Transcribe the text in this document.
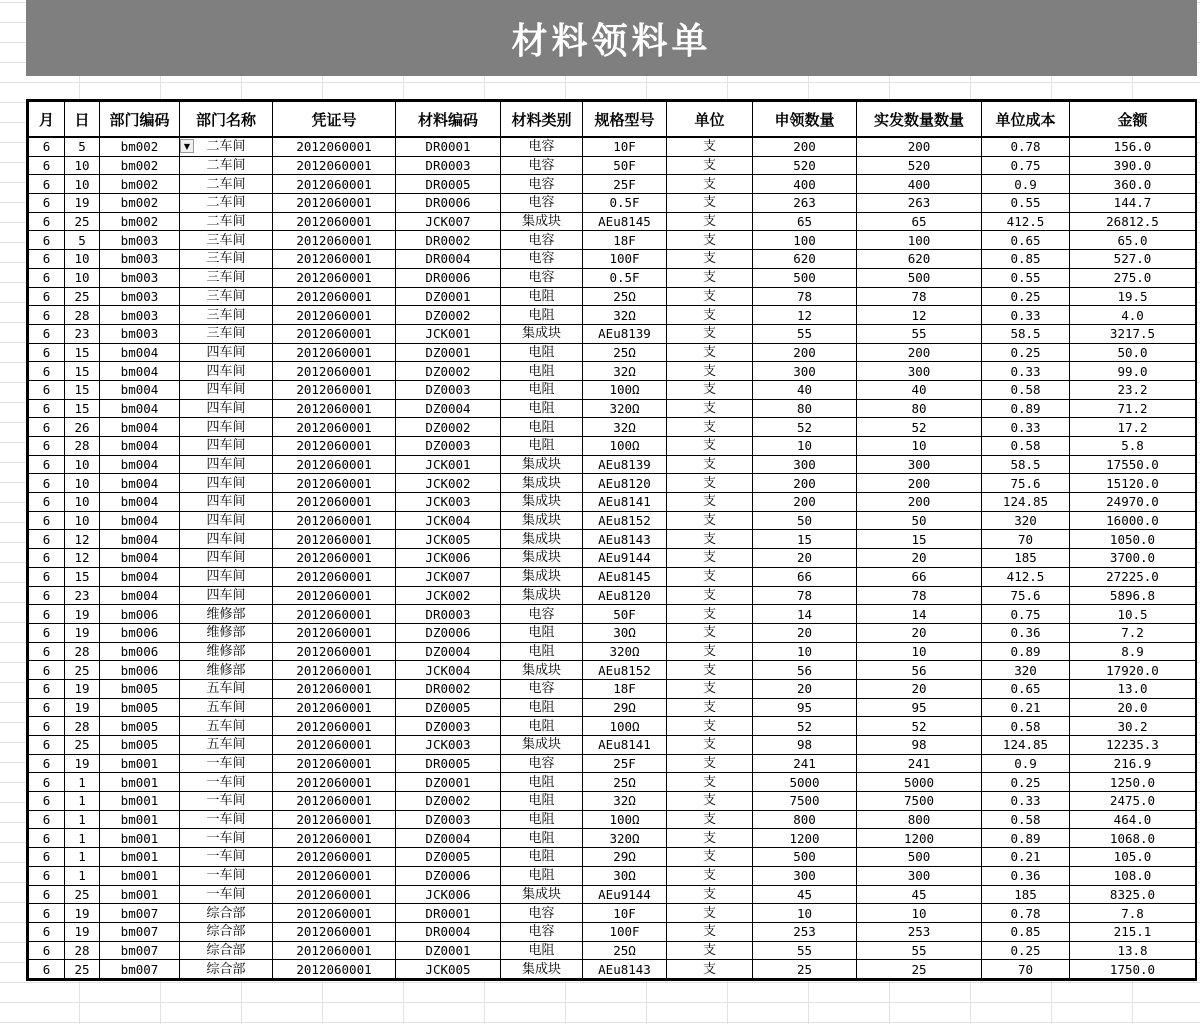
材料领料单
月	日	部门编码	部门名称	凭证号	材料编码	材料类别	规格型号	单位	申领数量	实发数量数量	单位成本	金额
6	5	bm002	▼ 二车间	2012060001	DR0001	电容	10F	支	200	200	0.78	156.0
6	10	bm002	二车间	2012060001	DR0003	电容	50F	支	520	520	0.75	390.0
6	10	bm002	二车间	2012060001	DR0005	电容	25F	支	400	400	0.9	360.0
6	19	bm002	二车间	2012060001	DR0006	电容	0.5F	支	263	263	0.55	144.7
6	25	bm002	二车间	2012060001	JCK007	集成块	AEu8145	支	65	65	412.5	26812.5
6	5	bm003	三车间	2012060001	DR0002	电容	18F	支	100	100	0.65	65.0
6	10	bm003	三车间	2012060001	DR0004	电容	100F	支	620	620	0.85	527.0
6	10	bm003	三车间	2012060001	DR0006	电容	0.5F	支	500	500	0.55	275.0
6	25	bm003	三车间	2012060001	DZ0001	电阻	25Ω	支	78	78	0.25	19.5
6	28	bm003	三车间	2012060001	DZ0002	电阻	32Ω	支	12	12	0.33	4.0
6	23	bm003	三车间	2012060001	JCK001	集成块	AEu8139	支	55	55	58.5	3217.5
6	15	bm004	四车间	2012060001	DZ0001	电阻	25Ω	支	200	200	0.25	50.0
6	15	bm004	四车间	2012060001	DZ0002	电阻	32Ω	支	300	300	0.33	99.0
6	15	bm004	四车间	2012060001	DZ0003	电阻	100Ω	支	40	40	0.58	23.2
6	15	bm004	四车间	2012060001	DZ0004	电阻	320Ω	支	80	80	0.89	71.2
6	26	bm004	四车间	2012060001	DZ0002	电阻	32Ω	支	52	52	0.33	17.2
6	28	bm004	四车间	2012060001	DZ0003	电阻	100Ω	支	10	10	0.58	5.8
6	10	bm004	四车间	2012060001	JCK001	集成块	AEu8139	支	300	300	58.5	17550.0
6	10	bm004	四车间	2012060001	JCK002	集成块	AEu8120	支	200	200	75.6	15120.0
6	10	bm004	四车间	2012060001	JCK003	集成块	AEu8141	支	200	200	124.85	24970.0
6	10	bm004	四车间	2012060001	JCK004	集成块	AEu8152	支	50	50	320	16000.0
6	12	bm004	四车间	2012060001	JCK005	集成块	AEu8143	支	15	15	70	1050.0
6	12	bm004	四车间	2012060001	JCK006	集成块	AEu9144	支	20	20	185	3700.0
6	15	bm004	四车间	2012060001	JCK007	集成块	AEu8145	支	66	66	412.5	27225.0
6	23	bm004	四车间	2012060001	JCK002	集成块	AEu8120	支	78	78	75.6	5896.8
6	19	bm006	维修部	2012060001	DR0003	电容	50F	支	14	14	0.75	10.5
6	19	bm006	维修部	2012060001	DZ0006	电阻	30Ω	支	20	20	0.36	7.2
6	28	bm006	维修部	2012060001	DZ0004	电阻	320Ω	支	10	10	0.89	8.9
6	25	bm006	维修部	2012060001	JCK004	集成块	AEu8152	支	56	56	320	17920.0
6	19	bm005	五车间	2012060001	DR0002	电容	18F	支	20	20	0.65	13.0
6	19	bm005	五车间	2012060001	DZ0005	电阻	29Ω	支	95	95	0.21	20.0
6	28	bm005	五车间	2012060001	DZ0003	电阻	100Ω	支	52	52	0.58	30.2
6	25	bm005	五车间	2012060001	JCK003	集成块	AEu8141	支	98	98	124.85	12235.3
6	19	bm001	一车间	2012060001	DR0005	电容	25F	支	241	241	0.9	216.9
6	1	bm001	一车间	2012060001	DZ0001	电阻	25Ω	支	5000	5000	0.25	1250.0
6	1	bm001	一车间	2012060001	DZ0002	电阻	32Ω	支	7500	7500	0.33	2475.0
6	1	bm001	一车间	2012060001	DZ0003	电阻	100Ω	支	800	800	0.58	464.0
6	1	bm001	一车间	2012060001	DZ0004	电阻	320Ω	支	1200	1200	0.89	1068.0
6	1	bm001	一车间	2012060001	DZ0005	电阻	29Ω	支	500	500	0.21	105.0
6	1	bm001	一车间	2012060001	DZ0006	电阻	30Ω	支	300	300	0.36	108.0
6	25	bm001	一车间	2012060001	JCK006	集成块	AEu9144	支	45	45	185	8325.0
6	19	bm007	综合部	2012060001	DR0001	电容	10F	支	10	10	0.78	7.8
6	19	bm007	综合部	2012060001	DR0004	电容	100F	支	253	253	0.85	215.1
6	28	bm007	综合部	2012060001	DZ0001	电阻	25Ω	支	55	55	0.25	13.8
6	25	bm007	综合部	2012060001	JCK005	集成块	AEu8143	支	25	25	70	1750.0
